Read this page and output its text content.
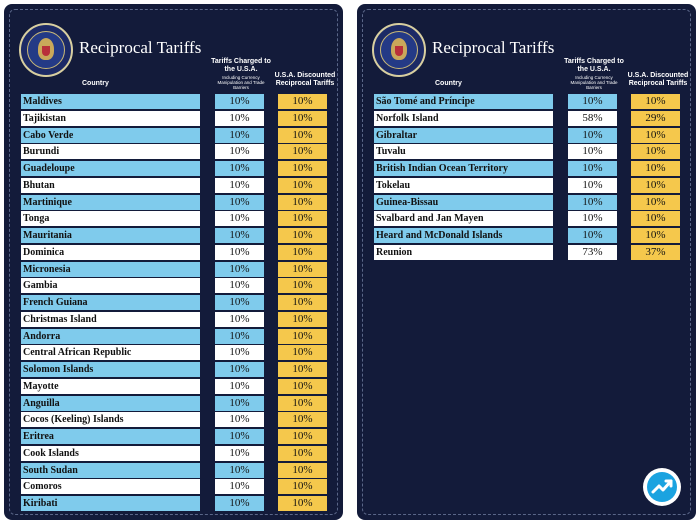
Reciprocal Tariffs
Tariffs Charged to the U.S.A.
Including Currency Manipulation and Trade Barriers
Country
U.S.A. Discounted Reciprocal Tariffs
Maldives	10%	10%
Tajikistan	10%	10%
Cabo Verde	10%	10%
Burundi	10%	10%
Guadeloupe	10%	10%
Bhutan	10%	10%
Martinique	10%	10%
Tonga	10%	10%
Mauritania	10%	10%
Dominica	10%	10%
Micronesia	10%	10%
Gambia	10%	10%
French Guiana	10%	10%
Christmas Island	10%	10%
Andorra	10%	10%
Central African Republic	10%	10%
Solomon Islands	10%	10%
Mayotte	10%	10%
Anguilla	10%	10%
Cocos (Keeling) Islands	10%	10%
Eritrea	10%	10%
Cook Islands	10%	10%
South Sudan	10%	10%
Comoros	10%	10%
Kiribati	10%	10%
Reciprocal Tariffs
Tariffs Charged to the U.S.A.
Including Currency Manipulation and Trade Barriers
Country
U.S.A. Discounted Reciprocal Tariffs
São Tomé and Príncipe	10%	10%
Norfolk Island	58%	29%
Gibraltar	10%	10%
Tuvalu	10%	10%
British Indian Ocean Territory	10%	10%
Tokelau	10%	10%
Guinea-Bissau	10%	10%
Svalbard and Jan Mayen	10%	10%
Heard and McDonald Islands	10%	10%
Reunion	73%	37%
